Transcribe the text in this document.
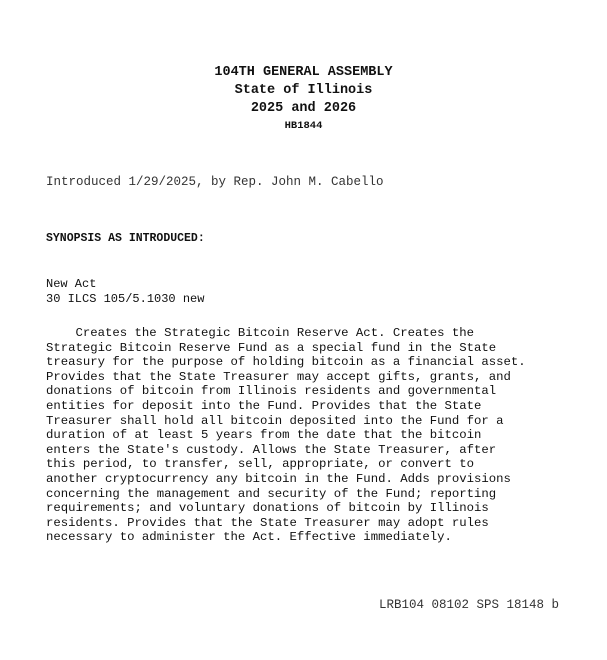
104TH GENERAL ASSEMBLY
State of Illinois
2025 and 2026
HB1844
Introduced 1/29/2025, by Rep. John M. Cabello
SYNOPSIS AS INTRODUCED:
New Act
30 ILCS 105/5.1030 new
Creates the Strategic Bitcoin Reserve Act. Creates the
Strategic Bitcoin Reserve Fund as a special fund in the State
treasury for the purpose of holding bitcoin as a financial asset.
Provides that the State Treasurer may accept gifts, grants, and
donations of bitcoin from Illinois residents and governmental
entities for deposit into the Fund. Provides that the State
Treasurer shall hold all bitcoin deposited into the Fund for a
duration of at least 5 years from the date that the bitcoin
enters the State's custody. Allows the State Treasurer, after
this period, to transfer, sell, appropriate, or convert to
another cryptocurrency any bitcoin in the Fund. Adds provisions
concerning the management and security of the Fund; reporting
requirements; and voluntary donations of bitcoin by Illinois
residents. Provides that the State Treasurer may adopt rules
necessary to administer the Act. Effective immediately.
LRB104 08102 SPS 18148 b
